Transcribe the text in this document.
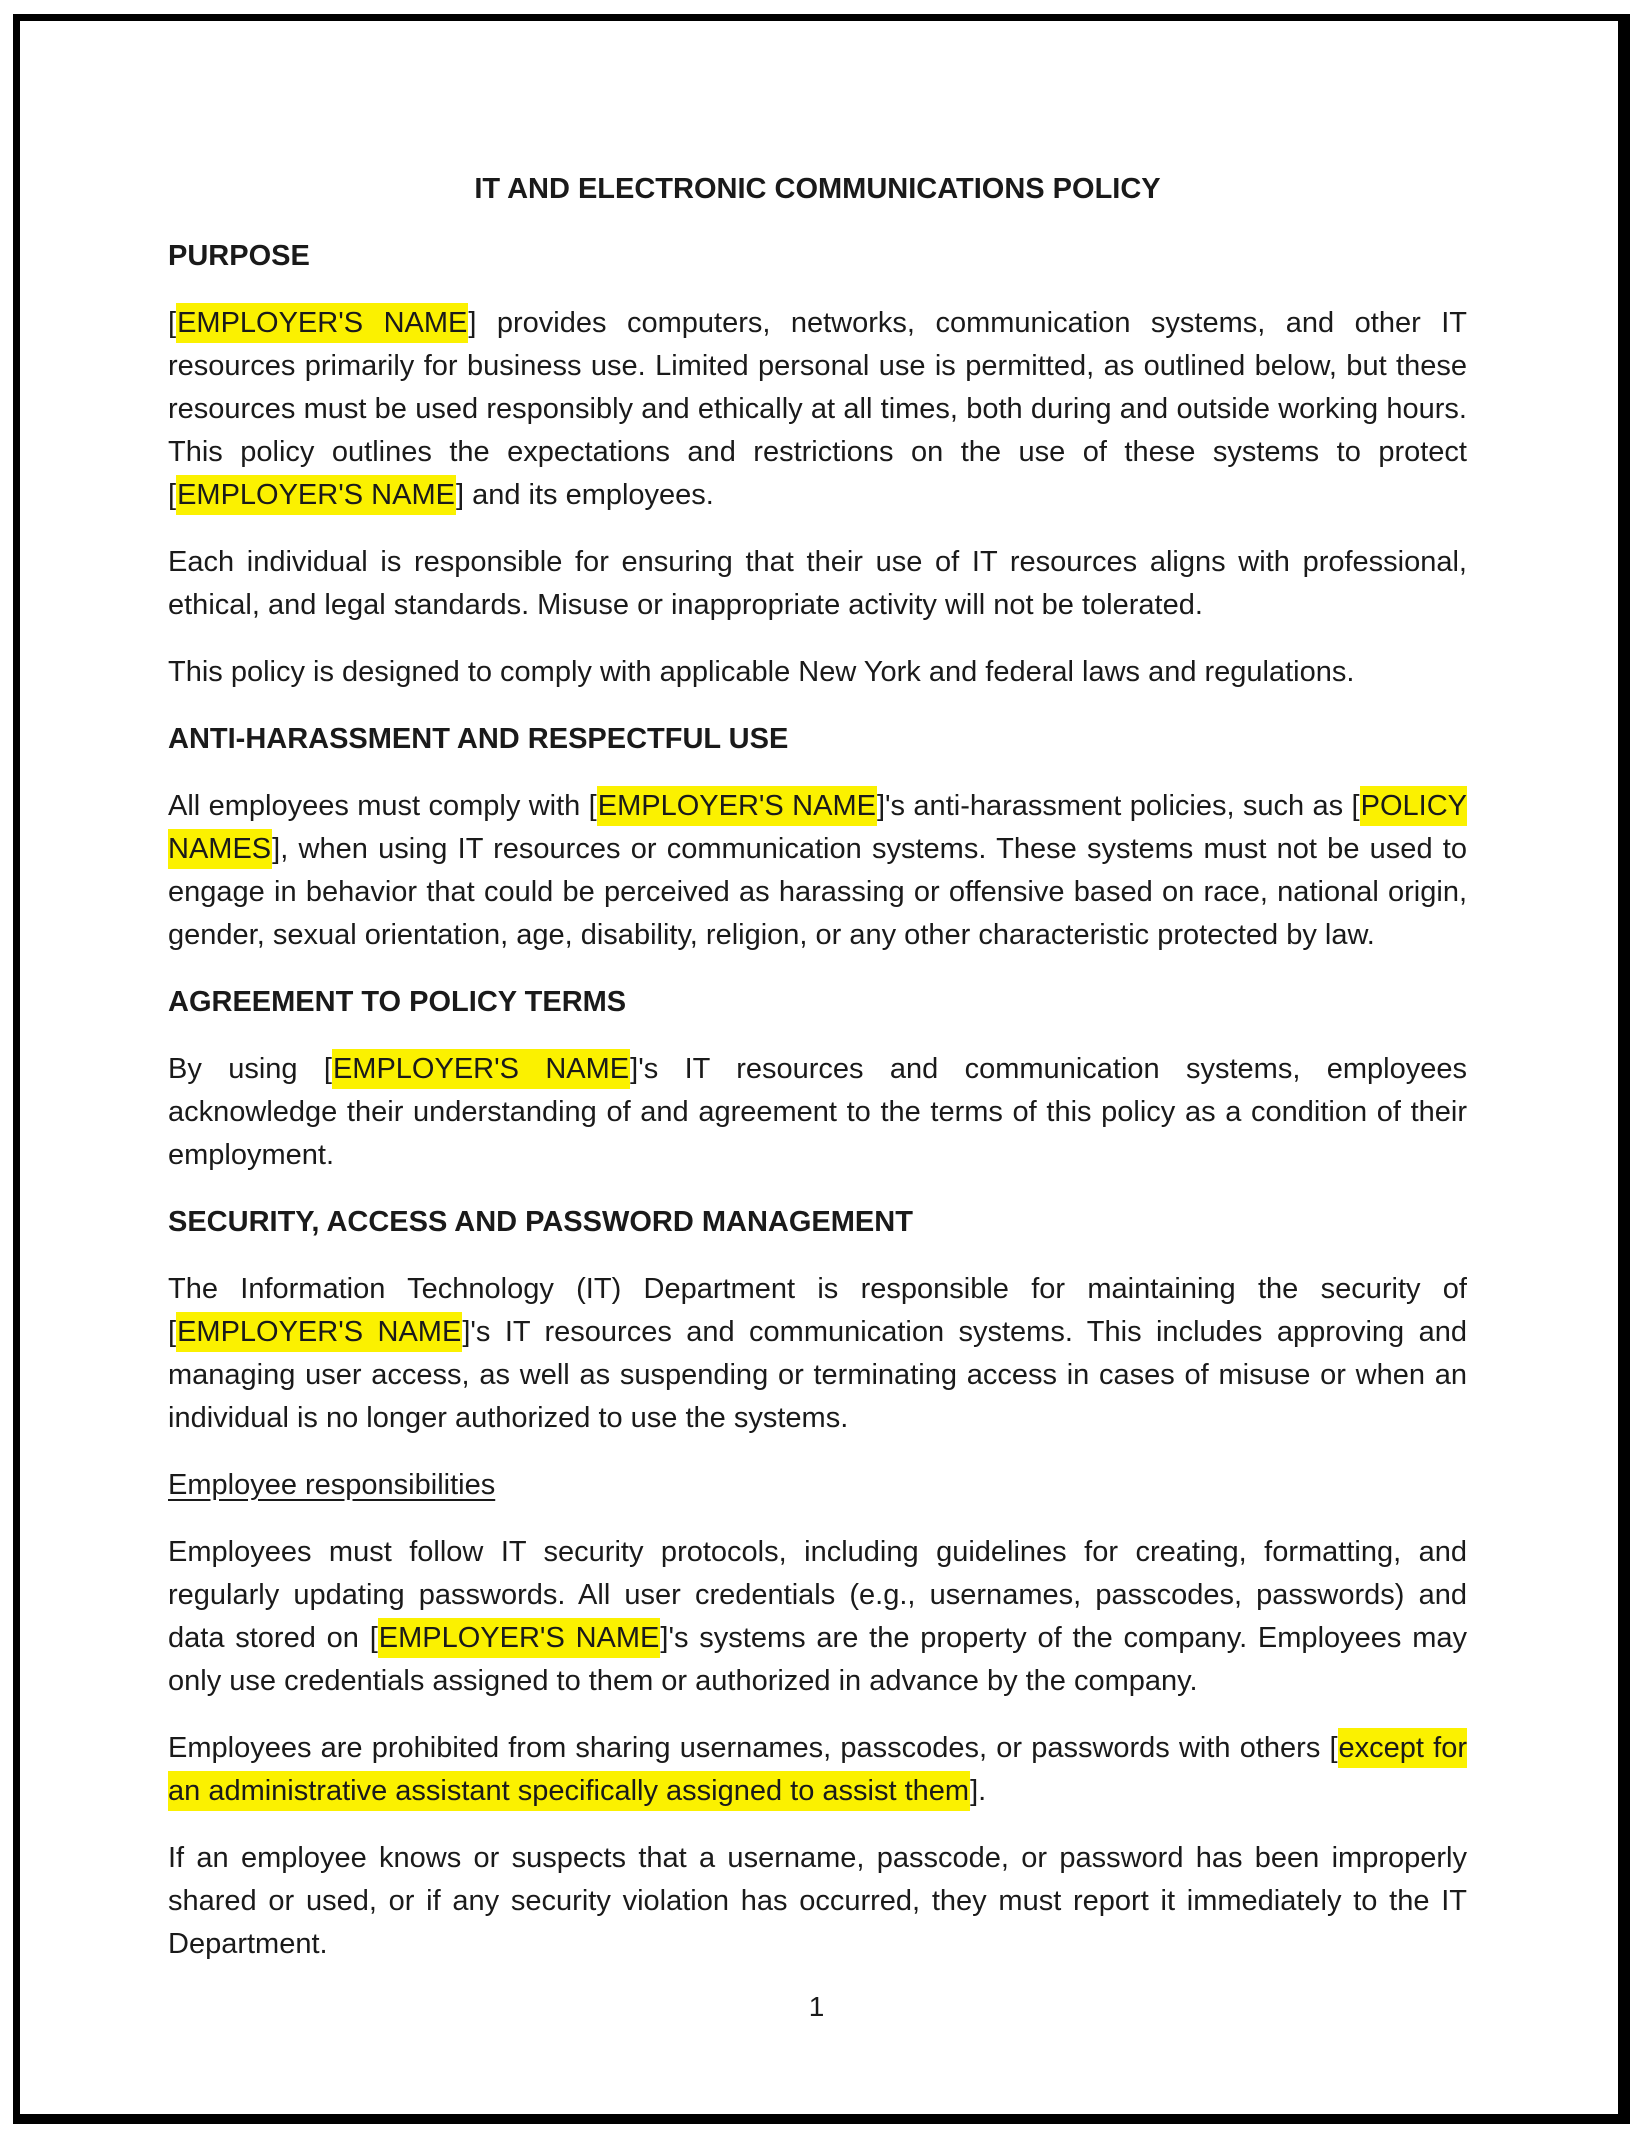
IT AND ELECTRONIC COMMUNICATIONS POLICY
PURPOSE

[EMPLOYER'S NAME] provides computers, networks, communication systems, and other IT resources primarily for business use. Limited personal use is permitted, as outlined below, but these resources must be used responsibly and ethically at all times, both during and outside working hours. This policy outlines the expectations and restrictions on the use of these systems to protect [EMPLOYER'S NAME] and its employees.

Each individual is responsible for ensuring that their use of IT resources aligns with professional, ethical, and legal standards. Misuse or inappropriate activity will not be tolerated.

This policy is designed to comply with applicable New York and federal laws and regulations.

ANTI-HARASSMENT AND RESPECTFUL USE

All employees must comply with [EMPLOYER'S NAME]'s anti-harassment policies, such as [POLICY NAMES], when using IT resources or communication systems. These systems must not be used to engage in behavior that could be perceived as harassing or offensive based on race, national origin, gender, sexual orientation, age, disability, religion, or any other characteristic protected by law.

AGREEMENT TO POLICY TERMS

By using [EMPLOYER'S NAME]'s IT resources and communication systems, employees acknowledge their understanding of and agreement to the terms of this policy as a condition of their employment.

SECURITY, ACCESS AND PASSWORD MANAGEMENT

The Information Technology (IT) Department is responsible for maintaining the security of [EMPLOYER'S NAME]'s IT resources and communication systems. This includes approving and managing user access, as well as suspending or terminating access in cases of misuse or when an individual is no longer authorized to use the systems.

Employee responsibilities

Employees must follow IT security protocols, including guidelines for creating, formatting, and regularly updating passwords. All user credentials (e.g., usernames, passcodes, passwords) and data stored on [EMPLOYER'S NAME]'s systems are the property of the company. Employees may only use credentials assigned to them or authorized in advance by the company.

Employees are prohibited from sharing usernames, passcodes, or passwords with others [except for an administrative assistant specifically assigned to assist them].

If an employee knows or suspects that a username, passcode, or password has been improperly shared or used, or if any security violation has occurred, they must report it immediately to the IT Department.

1
